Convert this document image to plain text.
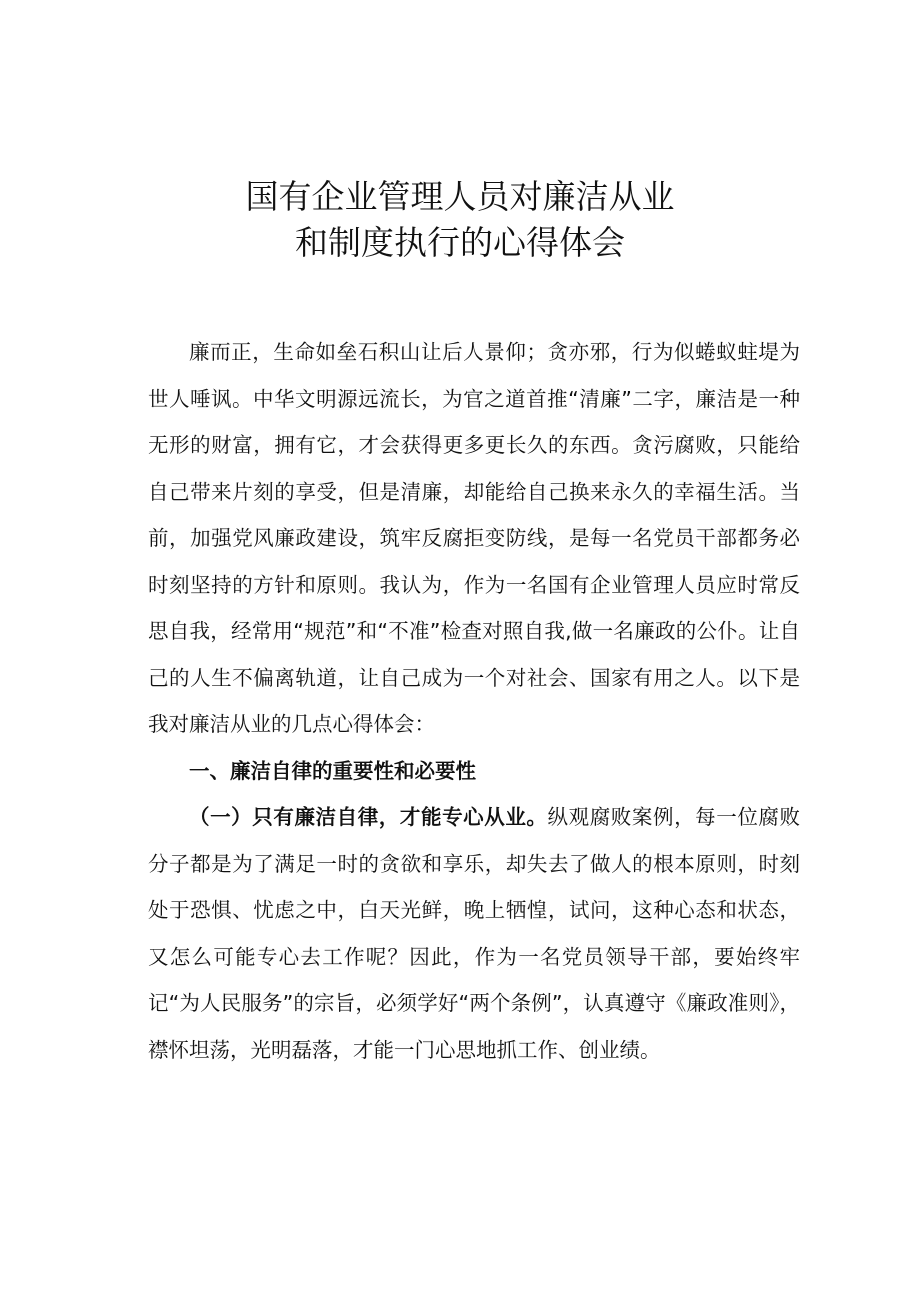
国有企业管理人员对廉洁从业
和制度执行的心得体会

廉而正，生命如垒石积山让后人景仰；贪亦邪，行为似蜷蚁蛀堤为世人唾讽。中华文明源远流长，为官之道首推“清廉”二字，廉洁是一种无形的财富，拥有它，才会获得更多更长久的东西。贪污腐败，只能给自己带来片刻的享受，但是清廉，却能给自己换来永久的幸福生活。当前，加强党风廉政建设，筑牢反腐拒变防线，是每一名党员干部都务必时刻坚持的方针和原则。我认为，作为一名国有企业管理人员应时常反思自我，经常用“规范”和“不准”检查对照自我,做一名廉政的公仆。让自己的人生不偏离轨道，让自己成为一个对社会、国家有用之人。以下是我对廉洁从业的几点心得体会：

一、廉洁自律的重要性和必要性

（一）只有廉洁自律，才能专心从业。纵观腐败案例，每一位腐败分子都是为了满足一时的贪欲和享乐，却失去了做人的根本原则，时刻处于恐惧、忧虑之中，白天光鲜，晚上牺惶，试问，这种心态和状态，又怎么可能专心去工作呢？因此，作为一名党员领导干部，要始终牢记“为人民服务”的宗旨，必须学好“两个条例”，认真遵守《廉政准则》，襟怀坦荡，光明磊落，才能一门心思地抓工作、创业绩。
